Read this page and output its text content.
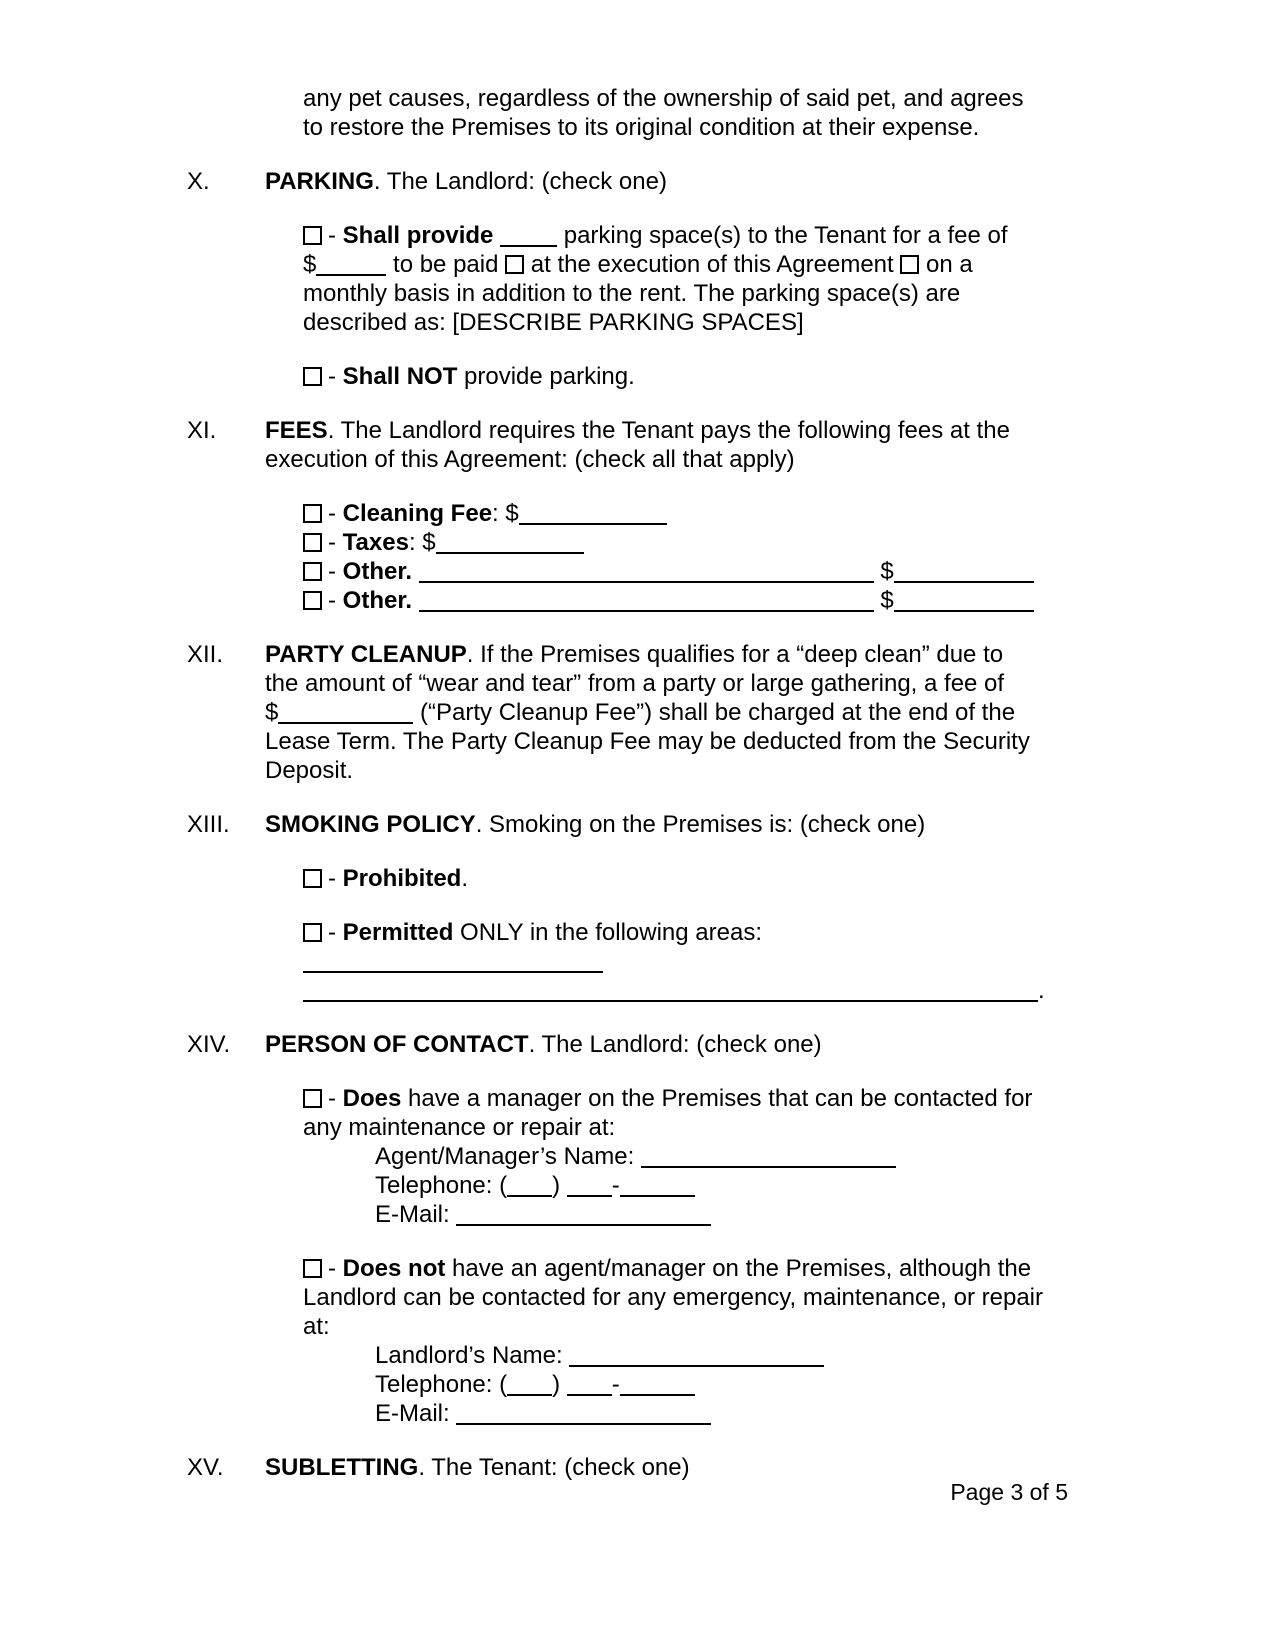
any pet causes, regardless of the ownership of said pet, and agrees to restore the Premises to its original condition at their expense.

X.	PARKING. The Landlord: (check one)

- Shall provide	parking space(s) to the Tenant for a fee of $	to be paid  at the execution of this Agreement  on a monthly basis in addition to the rent. The parking space(s) are described as: [DESCRIBE PARKING SPACES]

- Shall NOT provide parking.

XI.	FEES. The Landlord requires the Tenant pays the following fees at the execution of this Agreement: (check all that apply)

- Cleaning Fee: $

- Taxes: $

- Other.	$

- Other.	$

XII.	PARTY CLEANUP. If the Premises qualifies for a “deep clean” due to the amount of “wear and tear” from a party or large gathering, a fee of $	(“Party Cleanup Fee”) shall be charged at the end of the Lease Term. The Party Cleanup Fee may be deducted from the Security Deposit.

XIII.	SMOKING POLICY. Smoking on the Premises is: (check one)

- Prohibited.

- Permitted ONLY in the following areas:

.

XIV.	PERSON OF CONTACT. The Landlord: (check one)

- Does have a manager on the Premises that can be contacted for any maintenance or repair at:

Agent/Manager’s Name:

Telephone: ( ) -

E-Mail:

- Does not have an agent/manager on the Premises, although the Landlord can be contacted for any emergency, maintenance, or repair at:

Landlord’s Name:

Telephone: ( ) -

E-Mail:

XV.	SUBLETTING. The Tenant: (check one)

Page 3 of 5
